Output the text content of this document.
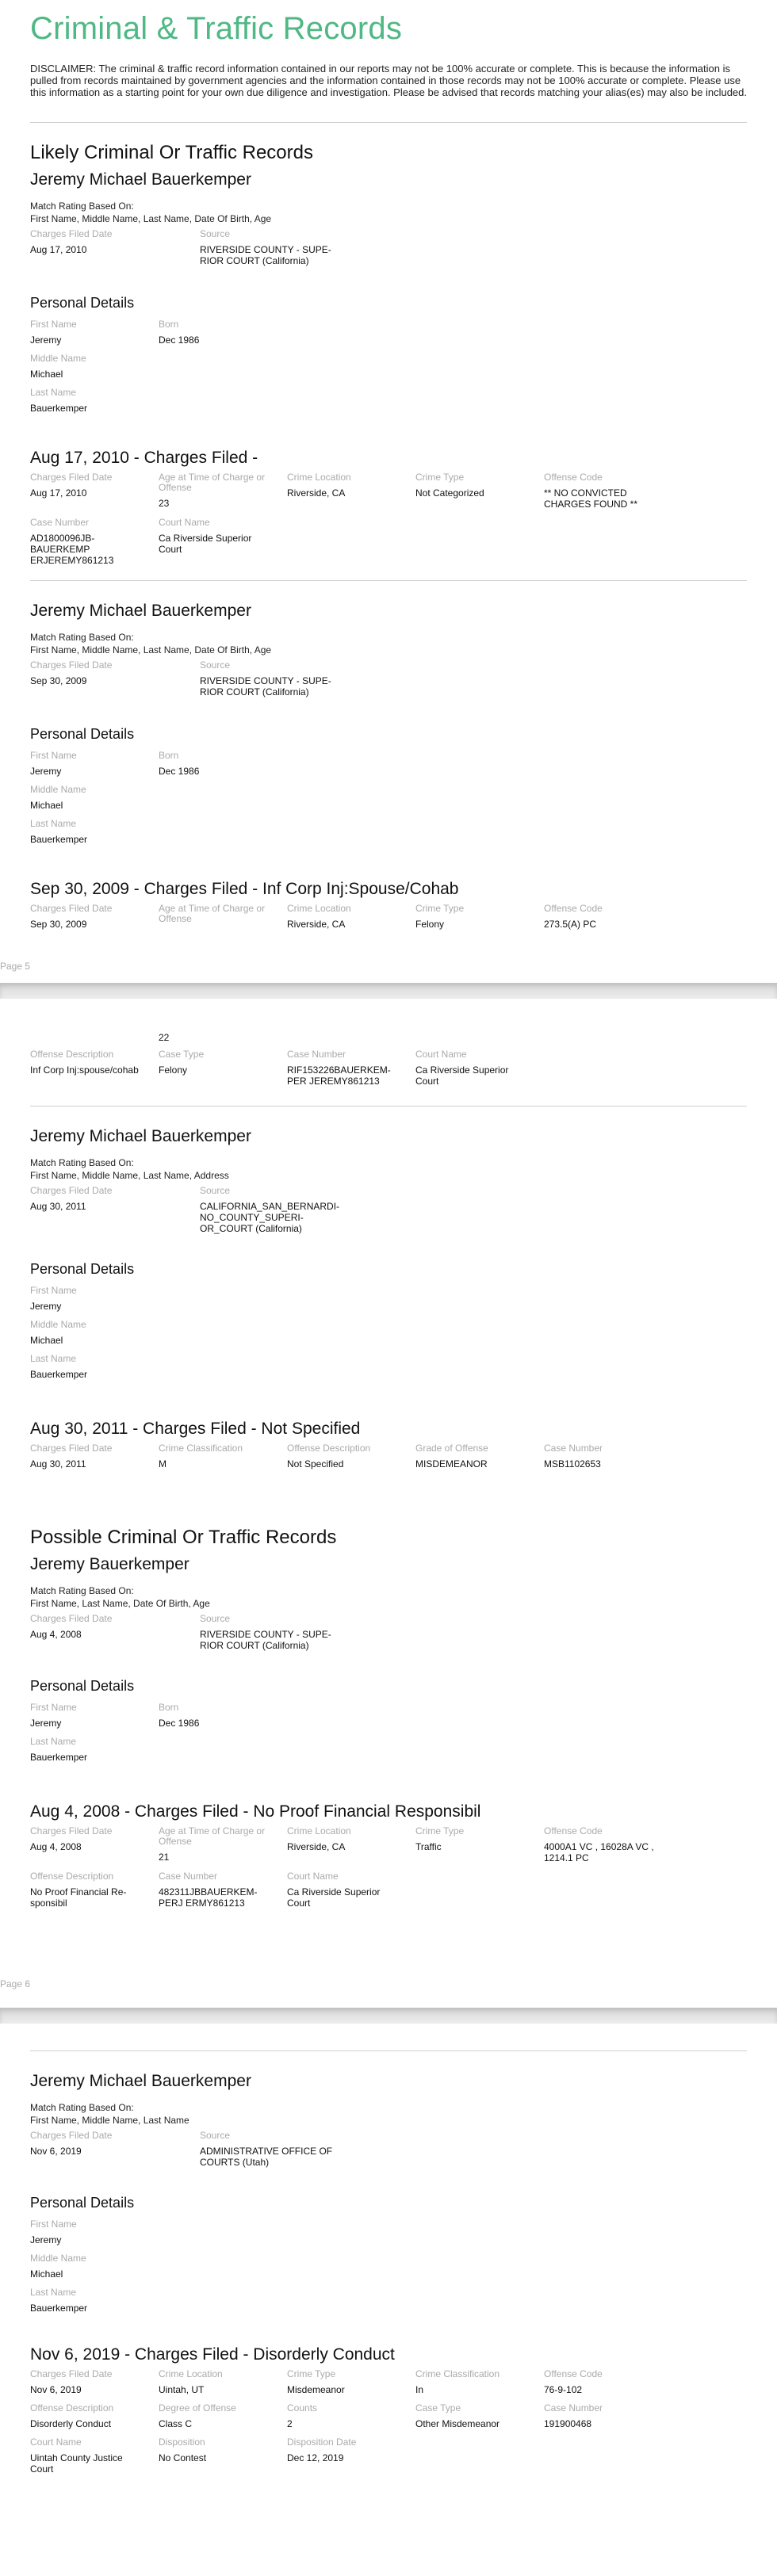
Criminal & Traffic Records

DISCLAIMER: The criminal & traffic record information contained in our reports may not be 100% accurate or complete. This is because the information is pulled from records maintained by government agencies and the information contained in those records may not be 100% accurate or complete. Please use this information as a starting point for your own due diligence and investigation. Please be advised that records matching your alias(es) may also be included.

Likely Criminal Or Traffic Records
Jeremy Michael Bauerkemper
Match Rating Based On:
First Name, Middle Name, Last Name, Date Of Birth, Age
Charges Filed Date
Aug 17, 2010
Source
RIVERSIDE COUNTY - SUPE-RIOR COURT (California)
Personal Details
First Name
Jeremy
Born
Dec 1986
Middle Name
Michael
Last Name
Bauerkemper
Aug 17, 2010 - Charges Filed -
Charges Filed Date
Aug 17, 2010
Age at Time of Charge or Offense
23
Crime Location
Riverside, CA
Crime Type
Not Categorized
Offense Code
** NO CONVICTED CHARGES FOUND **
Case Number
AD1800096JB-BAUERKEMP ERJEREMY861213
Court Name
Ca Riverside Superior Court
Jeremy Michael Bauerkemper
Match Rating Based On:
First Name, Middle Name, Last Name, Date Of Birth, Age
Charges Filed Date
Sep 30, 2009
Source
RIVERSIDE COUNTY - SUPE-RIOR COURT (California)
Personal Details
First Name
Jeremy
Born
Dec 1986
Middle Name
Michael
Last Name
Bauerkemper
Sep 30, 2009 - Charges Filed - Inf Corp Inj:Spouse/Cohab
Charges Filed Date
Sep 30, 2009
Age at Time of Charge or Offense
Crime Location
Riverside, CA
Crime Type
Felony
Offense Code
273.5(A) PC
Page 5
22
Offense Description
Inf Corp Inj:spouse/cohab
Case Type
Felony
Case Number
RIF153226BAUERKEM-PER JEREMY861213
Court Name
Ca Riverside Superior Court
Jeremy Michael Bauerkemper
Match Rating Based On:
First Name, Middle Name, Last Name, Address
Charges Filed Date
Aug 30, 2011
Source
CALIFORNIA_SAN_BERNARDI-NO_COUNTY_SUPERI-OR_COURT (California)
Personal Details
First Name
Jeremy
Middle Name
Michael
Last Name
Bauerkemper
Aug 30, 2011 - Charges Filed - Not Specified
Charges Filed Date
Aug 30, 2011
Crime Classification
M
Offense Description
Not Specified
Grade of Offense
MISDEMEANOR
Case Number
MSB1102653
Possible Criminal Or Traffic Records
Jeremy Bauerkemper
Match Rating Based On:
First Name, Last Name, Date Of Birth, Age
Charges Filed Date
Aug 4, 2008
Source
RIVERSIDE COUNTY - SUPE-RIOR COURT (California)
Personal Details
First Name
Jeremy
Born
Dec 1986
Last Name
Bauerkemper
Aug 4, 2008 - Charges Filed - No Proof Financial Responsibil
Charges Filed Date
Aug 4, 2008
Age at Time of Charge or Offense
21
Crime Location
Riverside, CA
Crime Type
Traffic
Offense Code
4000A1 VC , 16028A VC , 1214.1 PC
Offense Description
No Proof Financial Re-sponsibil
Case Number
482311JBBAUERKEM-PERJ ERMY861213
Court Name
Ca Riverside Superior Court
Page 6
Jeremy Michael Bauerkemper
Match Rating Based On:
First Name, Middle Name, Last Name
Charges Filed Date
Nov 6, 2019
Source
ADMINISTRATIVE OFFICE OF COURTS (Utah)
Personal Details
First Name
Jeremy
Middle Name
Michael
Last Name
Bauerkemper
Nov 6, 2019 - Charges Filed - Disorderly Conduct
Charges Filed Date
Nov 6, 2019
Crime Location
Uintah, UT
Crime Type
Misdemeanor
Crime Classification
In
Offense Code
76-9-102
Offense Description
Disorderly Conduct
Degree of Offense
Class C
Counts
2
Case Type
Other Misdemeanor
Case Number
191900468
Court Name
Uintah County Justice Court
Disposition
No Contest
Disposition Date
Dec 12, 2019
